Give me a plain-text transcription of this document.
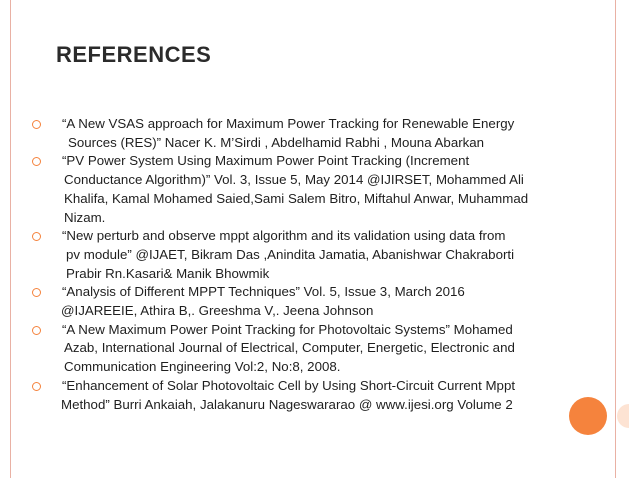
REFERENCES
“A New VSAS approach for Maximum Power Tracking for Renewable Energy
Sources (RES)” Nacer K. M’Sirdi , Abdelhamid Rabhi , Mouna Abarkan
“PV Power System Using Maximum Power Point Tracking (Increment
Conductance Algorithm)” Vol. 3, Issue 5, May 2014 @IJIRSET, Mohammed Ali
Khalifa, Kamal Mohamed Saied,Sami Salem Bitro, Miftahul Anwar, Muhammad
Nizam.
“New perturb and observe mppt algorithm and its validation using data from
pv module” @IJAET, Bikram Das ,Anindita Jamatia, Abanishwar Chakraborti
Prabir Rn.Kasari& Manik Bhowmik
“Analysis of Different MPPT Techniques” Vol. 5, Issue 3, March 2016
@IJAREEIE, Athira B,. Greeshma V,. Jeena Johnson
“A New Maximum Power Point Tracking for Photovoltaic Systems” Mohamed
Azab, International Journal of Electrical, Computer, Energetic, Electronic and
Communication Engineering Vol:2, No:8, 2008.
“Enhancement of Solar Photovoltaic Cell by Using Short-Circuit Current Mppt
Method” Burri Ankaiah, Jalakanuru Nageswararao @ www.ijesi.org Volume 2
